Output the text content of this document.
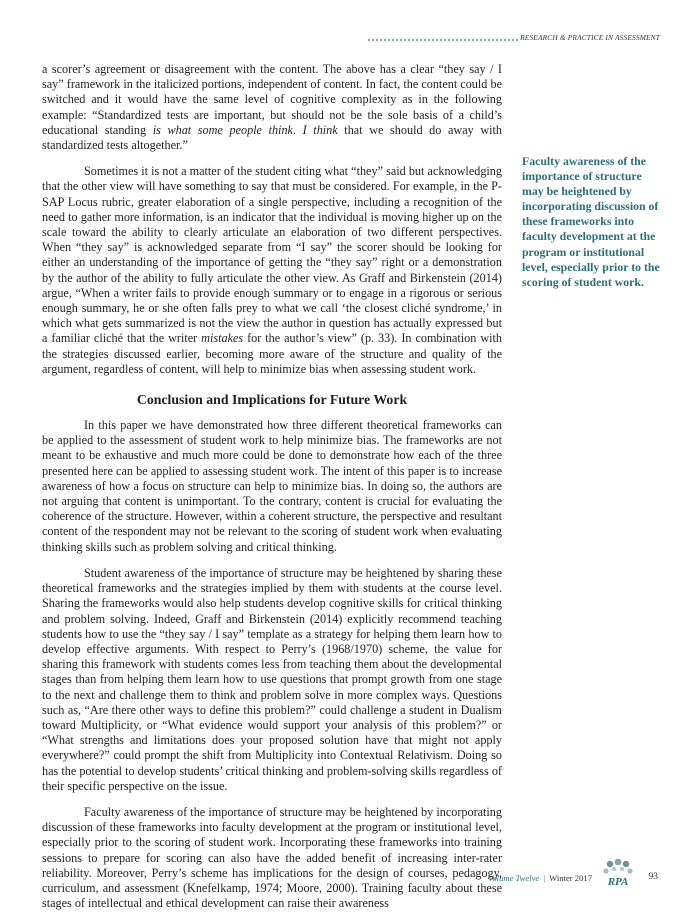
RESEARCH & PRACTICE IN ASSESSMENT

a scorer’s agreement or disagreement with the content. The above has a clear “they say / I say” framework in the italicized portions, independent of content. In fact, the content could be switched and it would have the same level of cognitive complexity as in the following example: “Standardized tests are important, but should not be the sole basis of a child’s educational standing is what some people think. I think that we should do away with standardized tests altogether.”

Sometimes it is not a matter of the student citing what “they” said but acknowledging that the other view will have something to say that must be considered. For example, in the P-SAP Locus rubric, greater elaboration of a single perspective, including a recognition of the need to gather more information, is an indicator that the individual is moving higher up on the scale toward the ability to clearly articulate an elaboration of two different perspectives. When “they say” is acknowledged separate from “I say” the scorer should be looking for either an understanding of the importance of getting the “they say” right or a demonstration by the author of the ability to fully articulate the other view. As Graff and Birkenstein (2014) argue, “When a writer fails to provide enough summary or to engage in a rigorous or serious enough summary, he or she often falls prey to what we call ‘the closest cliché syndrome,’ in which what gets summarized is not the view the author in question has actually expressed but a familiar cliché that the writer mistakes for the author’s view” (p. 33). In combination with the strategies discussed earlier, becoming more aware of the structure and quality of the argument, regardless of content, will help to minimize bias when assessing student work.

Conclusion and Implications for Future Work

In this paper we have demonstrated how three different theoretical frameworks can be applied to the assessment of student work to help minimize bias. The frameworks are not meant to be exhaustive and much more could be done to demonstrate how each of the three presented here can be applied to assessing student work. The intent of this paper is to increase awareness of how a focus on structure can help to minimize bias. In doing so, the authors are not arguing that content is unimportant. To the contrary, content is crucial for evaluating the coherence of the structure. However, within a coherent structure, the perspective and resultant content of the respondent may not be relevant to the scoring of student work when evaluating thinking skills such as problem solving and critical thinking.

Student awareness of the importance of structure may be heightened by sharing these theoretical frameworks and the strategies implied by them with students at the course level. Sharing the frameworks would also help students develop cognitive skills for critical thinking and problem solving. Indeed, Graff and Birkenstein (2014) explicitly recommend teaching students how to use the “they say / I say” template as a strategy for helping them learn how to develop effective arguments. With respect to Perry’s (1968/1970) scheme, the value for sharing this framework with students comes less from teaching them about the developmental stages than from helping them learn how to use questions that prompt growth from one stage to the next and challenge them to think and problem solve in more complex ways. Questions such as, “Are there other ways to define this problem?” could challenge a student in Dualism toward Multiplicity, or “What evidence would support your analysis of this problem?” or “What strengths and limitations does your proposed solution have that might not apply everywhere?” could prompt the shift from Multiplicity into Contextual Relativism. Doing so has the potential to develop students’ critical thinking and problem-solving skills regardless of their specific perspective on the issue.

Faculty awareness of the importance of structure may be heightened by incorporating discussion of these frameworks into faculty development at the program or institutional level, especially prior to the scoring of student work. Incorporating these frameworks into training sessions to prepare for scoring can also have the added benefit of increasing inter-rater reliability. Moreover, Perry’s scheme has implications for the design of courses, pedagogy, curriculum, and assessment (Knefelkamp, 1974; Moore, 2000). Training faculty about these stages of intellectual and ethical development can raise their awareness

Faculty awareness of the importance of structure may be heightened by incorporating discussion of these frameworks into faculty development at the program or institutional level, especially prior to the scoring of student work.
Volume Twelve | Winter 2017 RPA 93
